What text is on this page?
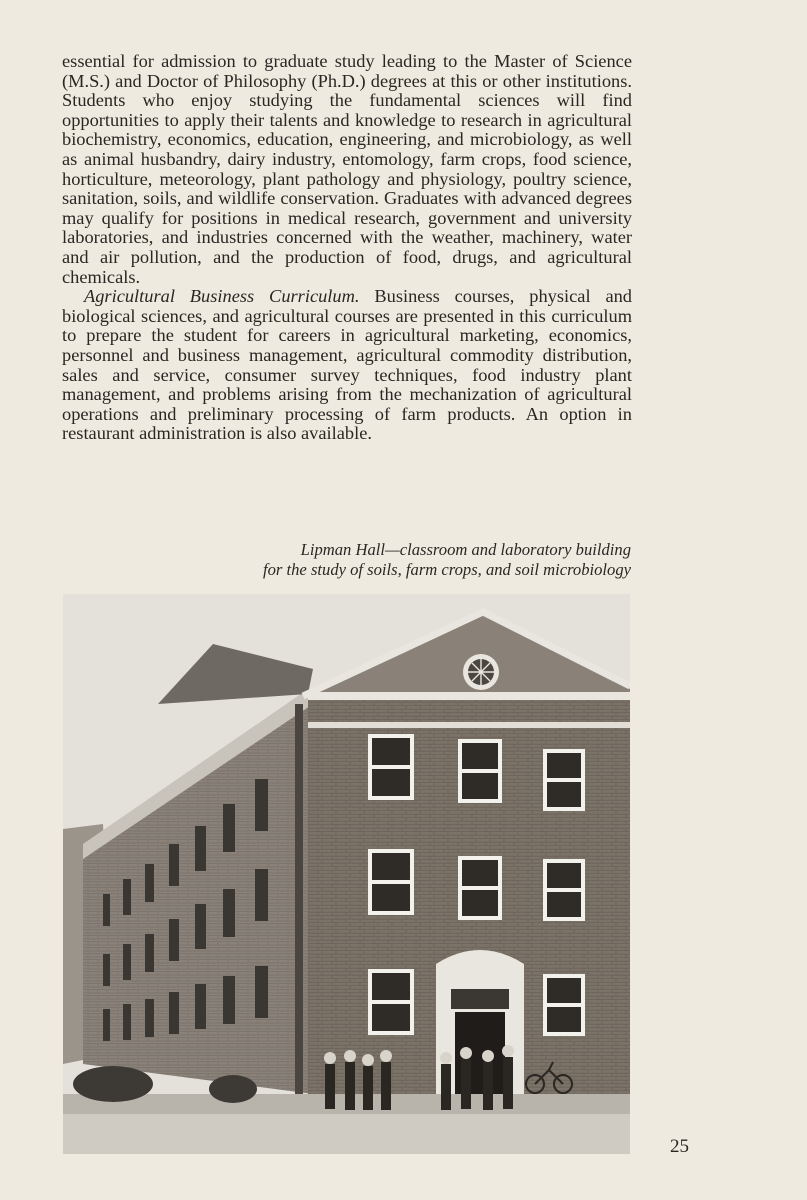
essential for admission to graduate study leading to the Master of Science (M.S.) and Doctor of Philosophy (Ph.D.) degrees at this or other institutions. Students who enjoy studying the fundamental sciences will find opportunities to apply their talents and knowledge to research in agricultural biochemistry, economics, education, engineering, and microbiology, as well as animal husbandry, dairy industry, entomology, farm crops, food science, horticulture, meteorology, plant pathology and physiology, poultry science, sanitation, soils, and wildlife conservation. Graduates with advanced degrees may qualify for positions in medical research, government and university laboratories, and industries concerned with the weather, machinery, water and air pollution, and the production of food, drugs, and agricultural chemicals.

Agricultural Business Curriculum. Business courses, physical and biological sciences, and agricultural courses are presented in this curriculum to prepare the student for careers in agricultural marketing, economics, personnel and business management, agricultural commodity distribution, sales and service, consumer survey techniques, food industry plant management, and problems arising from the mechanization of agricultural operations and preliminary processing of farm products. An option in restaurant administration is also available.

Lipman Hall—classroom and laboratory building
for the study of soils, farm crops, and soil microbiology
25
